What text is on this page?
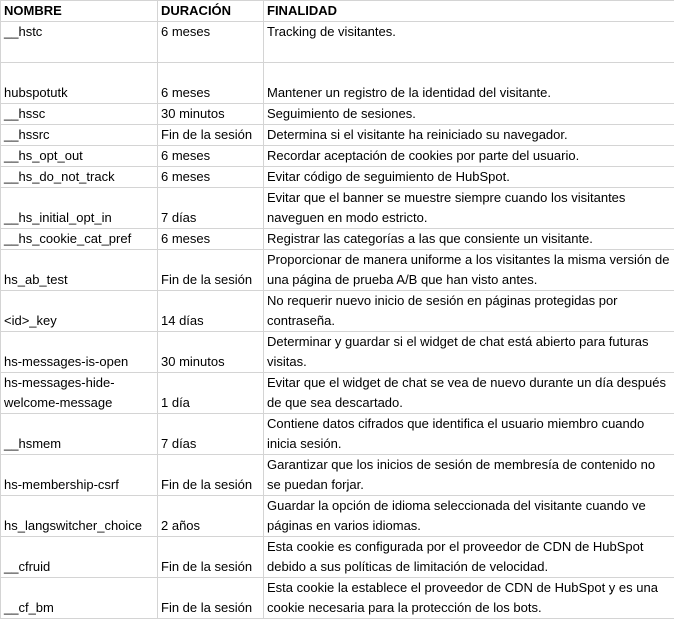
NOMBRE	DURACIÓN	FINALIDAD
__hstc	6 meses	Tracking de visitantes.
hubspotutk	6 meses	Mantener un registro de la identidad del visitante.
__hssc	30 minutos	Seguimiento de sesiones.
__hssrc	Fin de la sesión	Determina si el visitante ha reiniciado su navegador.
__hs_opt_out	6 meses	Recordar aceptación de cookies por parte del usuario.
__hs_do_not_track	6 meses	Evitar código de seguimiento de HubSpot.
__hs_initial_opt_in	7 días	Evitar que el banner se muestre siempre cuando los visitantes naveguen en modo estricto.
__hs_cookie_cat_pref	6 meses	Registrar las categorías a las que consiente un visitante.
hs_ab_test	Fin de la sesión	Proporcionar de manera uniforme a los visitantes la misma versión de una página de prueba A/B que han visto antes.
<id>_key	14 días	No requerir nuevo inicio de sesión en páginas protegidas por contraseña.
hs-messages-is-open	30 minutos	Determinar y guardar si el widget de chat está abierto para futuras visitas.
hs-messages-hide-welcome-message	1 día	Evitar que el widget de chat se vea de nuevo durante un día después de que sea descartado.
__hsmem	7 días	Contiene datos cifrados que identifica el usuario miembro cuando inicia sesión.
hs-membership-csrf	Fin de la sesión	Garantizar que los inicios de sesión de membresía de contenido no se puedan forjar.
hs_langswitcher_choice	2 años	Guardar la opción de idioma seleccionada del visitante cuando ve páginas en varios idiomas.
__cfruid	Fin de la sesión	Esta cookie es configurada por el proveedor de CDN de HubSpot debido a sus políticas de limitación de velocidad.
__cf_bm	Fin de la sesión	Esta cookie la establece el proveedor de CDN de HubSpot y es una cookie necesaria para la protección de los bots.
